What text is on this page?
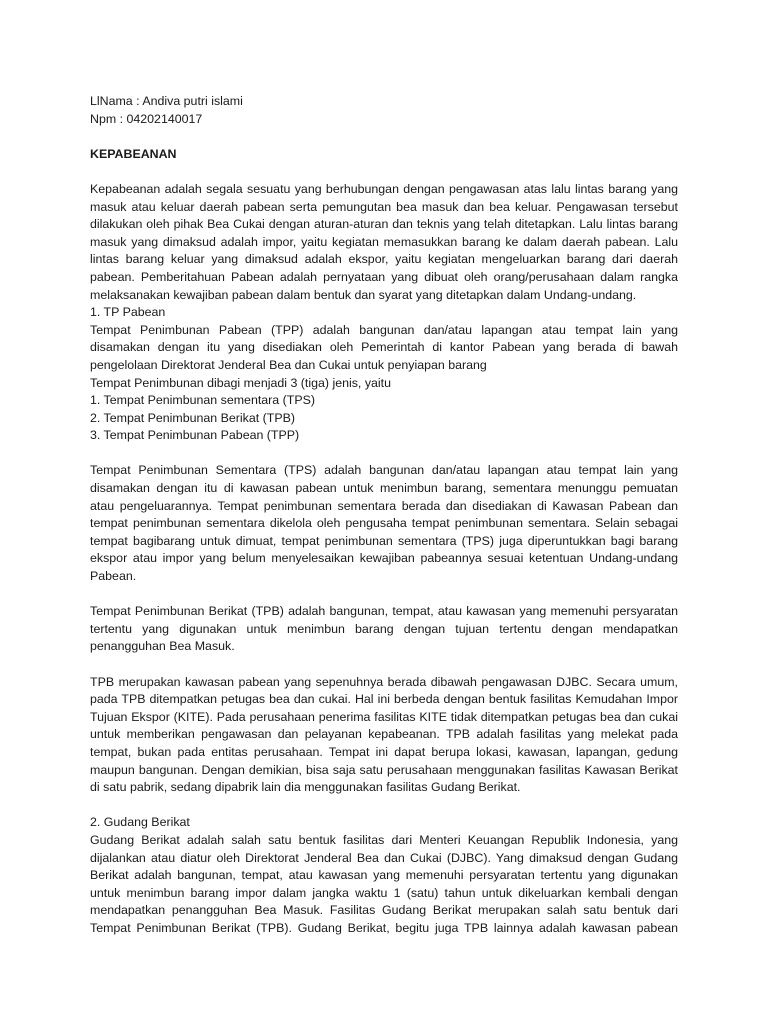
LlNama : Andiva putri islami
Npm : 04202140017
KEPABEANAN
Kepabeanan adalah segala sesuatu yang berhubungan dengan pengawasan atas lalu lintas barang yang
masuk atau keluar daerah pabean serta pemungutan bea masuk dan bea keluar. Pengawasan tersebut
dilakukan oleh pihak Bea Cukai dengan aturan-aturan dan teknis yang telah ditetapkan. Lalu lintas barang
masuk yang dimaksud adalah impor, yaitu kegiatan memasukkan barang ke dalam daerah pabean. Lalu
lintas barang keluar yang dimaksud adalah ekspor, yaitu kegiatan mengeluarkan barang dari daerah
pabean. Pemberitahuan Pabean adalah pernyataan yang dibuat oleh orang/perusahaan dalam rangka
melaksanakan kewajiban pabean dalam bentuk dan syarat yang ditetapkan dalam Undang-undang.
1. TP Pabean
Tempat Penimbunan Pabean (TPP) adalah bangunan dan/atau lapangan atau tempat lain yang
disamakan dengan itu yang disediakan oleh Pemerintah di kantor Pabean yang berada di bawah
pengelolaan Direktorat Jenderal Bea dan Cukai untuk penyiapan barang
Tempat Penimbunan dibagi menjadi 3 (tiga) jenis, yaitu
1. Tempat Penimbunan sementara (TPS)
2. Tempat Penimbunan Berikat (TPB)
3. Tempat Penimbunan Pabean (TPP)
Tempat Penimbunan Sementara (TPS) adalah bangunan dan/atau lapangan atau tempat lain yang
disamakan dengan itu di kawasan pabean untuk menimbun barang, sementara menunggu pemuatan
atau pengeluarannya. Tempat penimbunan sementara berada dan disediakan di Kawasan Pabean dan
tempat penimbunan sementara dikelola oleh pengusaha tempat penimbunan sementara. Selain sebagai
tempat bagibarang untuk dimuat, tempat penimbunan sementara (TPS) juga diperuntukkan bagi barang
ekspor atau impor yang belum menyelesaikan kewajiban pabeannya sesuai ketentuan Undang-undang
Pabean.
Tempat Penimbunan Berikat (TPB) adalah bangunan, tempat, atau kawasan yang memenuhi persyaratan
tertentu yang digunakan untuk menimbun barang dengan tujuan tertentu dengan mendapatkan
penangguhan Bea Masuk.
TPB merupakan kawasan pabean yang sepenuhnya berada dibawah pengawasan DJBC. Secara umum,
pada TPB ditempatkan petugas bea dan cukai. Hal ini berbeda dengan bentuk fasilitas Kemudahan Impor
Tujuan Ekspor (KITE). Pada perusahaan penerima fasilitas KITE tidak ditempatkan petugas bea dan cukai
untuk memberikan pengawasan dan pelayanan kepabeanan. TPB adalah fasilitas yang melekat pada
tempat, bukan pada entitas perusahaan. Tempat ini dapat berupa lokasi, kawasan, lapangan, gedung
maupun bangunan. Dengan demikian, bisa saja satu perusahaan menggunakan fasilitas Kawasan Berikat
di satu pabrik, sedang dipabrik lain dia menggunakan fasilitas Gudang Berikat.
2. Gudang Berikat
Gudang Berikat adalah salah satu bentuk fasilitas dari Menteri Keuangan Republik Indonesia, yang
dijalankan atau diatur oleh Direktorat Jenderal Bea dan Cukai (DJBC). Yang dimaksud dengan Gudang
Berikat adalah bangunan, tempat, atau kawasan yang memenuhi persyaratan tertentu yang digunakan
untuk menimbun barang impor dalam jangka waktu 1 (satu) tahun untuk dikeluarkan kembali dengan
mendapatkan penangguhan Bea Masuk. Fasilitas Gudang Berikat merupakan salah satu bentuk dari
Tempat Penimbunan Berikat (TPB). Gudang Berikat, begitu juga TPB lainnya adalah kawasan pabean
